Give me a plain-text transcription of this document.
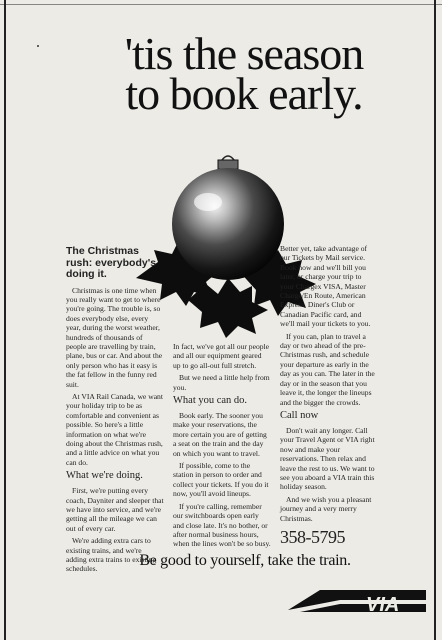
'tis the season
to book early.
The Christmas rush: everybody's doing it.

Christmas is one time when you really want to get to where you're going. The trouble is, so does everybody else, every year, during the worst weather, hundreds of thousands of people are travelling by train, plane, bus or car. And about the only person who has it easy is the fat fellow in the funny red suit.

At VIA Rail Canada, we want your holiday trip to be as comfortable and convenient as possible. So here's a little information on what we're doing about the Christmas rush, and a little advice on what you can do.

What we're doing.

First, we're putting every coach, Dayniter and sleeper that we have into service, and we're getting all the mileage we can out of every car.

We're adding extra cars to existing trains, and we're adding extra trains to existing schedules.

In fact, we've got all our people and all our equipment geared up to go all-out full stretch.

But we need a little help from you.

What you can do.

Book early. The sooner you make your reservations, the more certain you are of getting a seat on the train and the day on which you want to travel.

If possible, come to the station in person to order and collect your tickets. If you do it now, you'll avoid lineups.

If you're calling, remember our switchboards open early and close late. It's no bother, or after normal business hours, when the lines won't be so busy.

Better yet, take advantage of our Tickets by Mail service. Book now and we'll bill you later, or charge your trip to your Chargex VISA, Master Charge/En Route, American Express, Diner's Club or Canadian Pacific card, and we'll mail your tickets to you.

If you can, plan to travel a day or two ahead of the pre-Christmas rush, and schedule your departure as early in the day as you can. The later in the day or in the season that you leave it, the longer the lineups and the bigger the crowds.

Call now

Don't wait any longer. Call your Travel Agent or VIA right now and make your reservations. Then relax and leave the rest to us. We want to see you aboard a VIA train this holiday season.

And we wish you a pleasant journey and a very merry Christmas.

358-5795
Be good to yourself, take the train.
VIA
